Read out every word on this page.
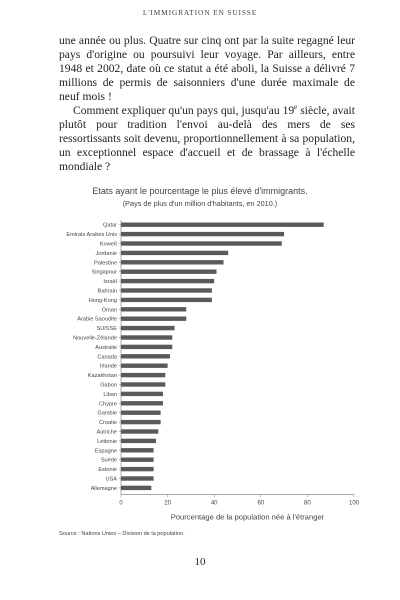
L'IMMIGRATION EN SUISSE

une année ou plus. Quatre sur cinq ont par la suite regagné leur pays d'origine ou poursuivi leur voyage. Par ailleurs, entre 1948 et 2002, date où ce statut a été aboli, la Suisse a délivré 7 millions de permis de saisonniers d'une durée maximale de neuf mois !

Comment expliquer qu'un pays qui, jusqu'au 19e siècle, avait plutôt pour tradition l'envoi au-delà des mers de ses ressortissants soit devenu, proportionnellement à sa population, un exceptionnel espace d'accueil et de brassage à l'échelle mondiale ?

Etats ayant le pourcentage le plus élevé d'immigrants.
(Pays de plus d'un million d'habitants, en 2010.)
Qatar
Emirats Arabes Unis
Koweït
Jordanie
Palestine
Singapour
Israël
Bahrain
Hong-Kong
Oman
Arabie Saoudite
SUISSE
Nouvelle-Zélande
Australie
Canada
Irlande
Kazakhstan
Gabon
Liban
Chypre
Gambie
Croatie
Autriche
Lettonie
Espagne
Suède
Estonie
USA
Allemagne
0	20	40	60	80	100
Pourcentage de la population née à l'étranger
Source : Nations Unies – Division de la population.
10
